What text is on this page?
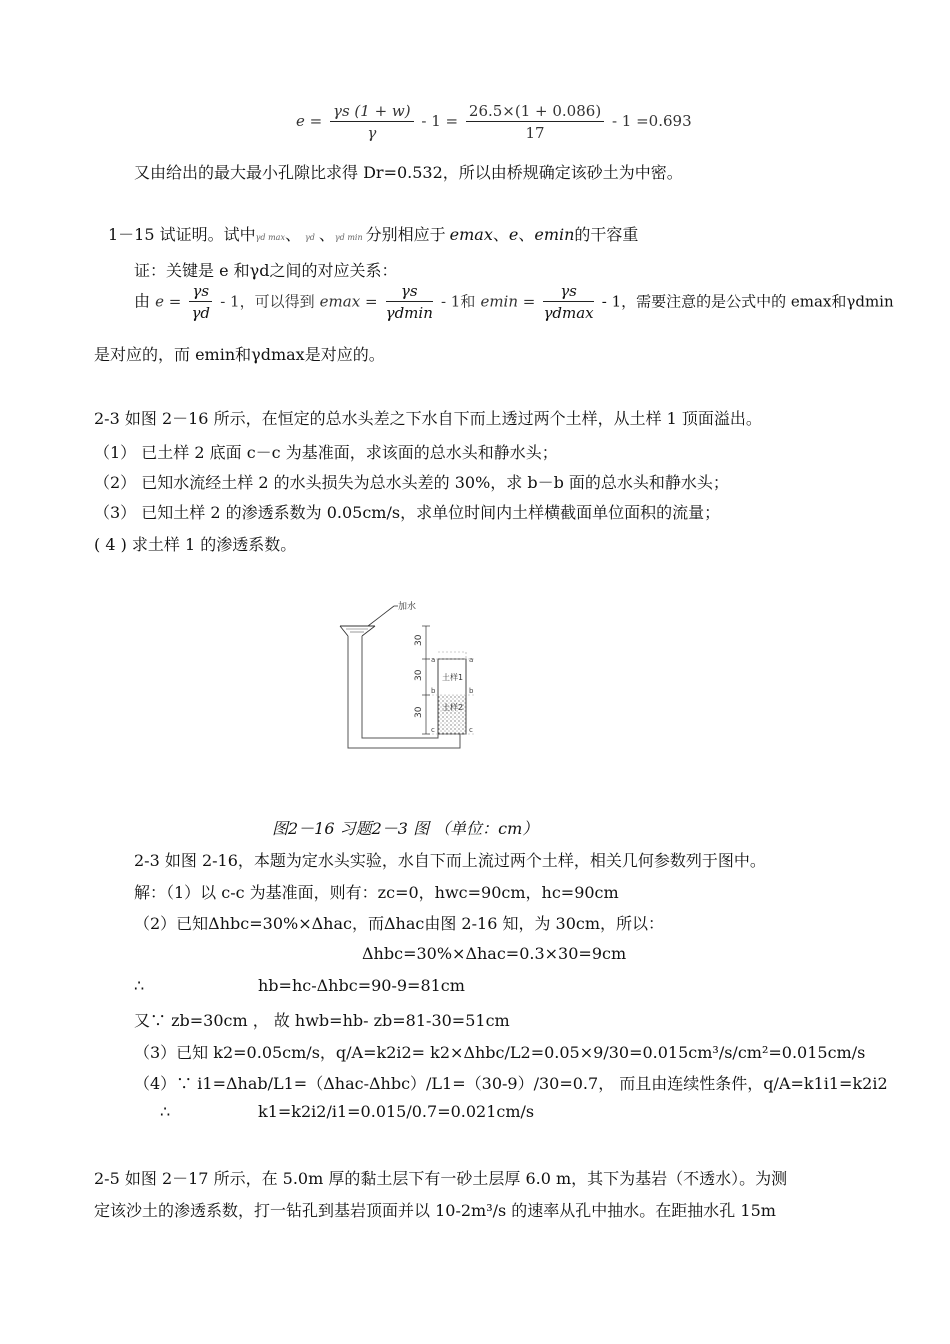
$e = \frac{\gamma s (1 + w)}{\gamma} - 1 = \frac{26.5\times(1 + 0.086)}{17} - 1 =0.693$
又由给出的最大最小孔隙比求得 Dr=0.532，所以由桥规确定该砂土为中密。
1－15 试证明。试中γd max、 γd 、γd min 分别相应于 emax、e、emin的干容重
证：关键是 e 和γd之间的对应关系：
由 $e = \frac{\gamma s}{\gamma d} - 1$，可以得到 $emax = \frac{\gamma s}{\gamma dmin} - 1$和 $emin = \frac{\gamma s}{\gamma dmax} - 1$，需要注意的是公式中的 emax和γdmin
是对应的，而 emin和γdmax是对应的。
2-3 如图 2－16 所示，在恒定的总水头差之下水自下而上透过两个土样，从土样 1 顶面溢出。
（1） 已土样 2 底面 c－c 为基准面，求该面的总水头和静水头；
（2） 已知水流经土样 2 的水头损失为总水头差的 30%，求 b－b 面的总水头和静水头；
（3） 已知土样 2 的渗透系数为 0.05cm/s，求单位时间内土样横截面单位面积的流量；
( 4 ) 求土样 1 的渗透系数。
加水
30
30
30
a	a
b	b
c	c
土样1
土样2
图2－16 习题2－3 图 （单位：cm）
2-3 如图 2-16，本题为定水头实验，水自下而上流过两个土样，相关几何参数列于图中。
解：（1）以 c-c 为基准面，则有：zc=0，hwc=90cm，hc=90cm
（2）已知Δhbc=30%×Δhac，而Δhac由图 2-16 知，为 30cm，所以：
Δhbc=30%×Δhac=0.3×30=9cm
∴	hb=hc-Δhbc=90-9=81cm
又∵ zb=30cm ， 故 hwb=hb- zb=81-30=51cm
（3）已知 k2=0.05cm/s，q/A=k2i2= k2×Δhbc/L2=0.05×9/30=0.015cm³/s/cm²=0.015cm/s
（4）∵ i1=Δhab/L1=（Δhac-Δhbc）/L1=（30-9）/30=0.7， 而且由连续性条件，q/A=k1i1=k2i2
∴	k1=k2i2/i1=0.015/0.7=0.021cm/s
2-5 如图 2－17 所示，在 5.0m 厚的黏土层下有一砂土层厚 6.0 m，其下为基岩（不透水）。为测
定该沙土的渗透系数，打一钻孔到基岩顶面并以 10-2m³/s 的速率从孔中抽水。在距抽水孔 15m
